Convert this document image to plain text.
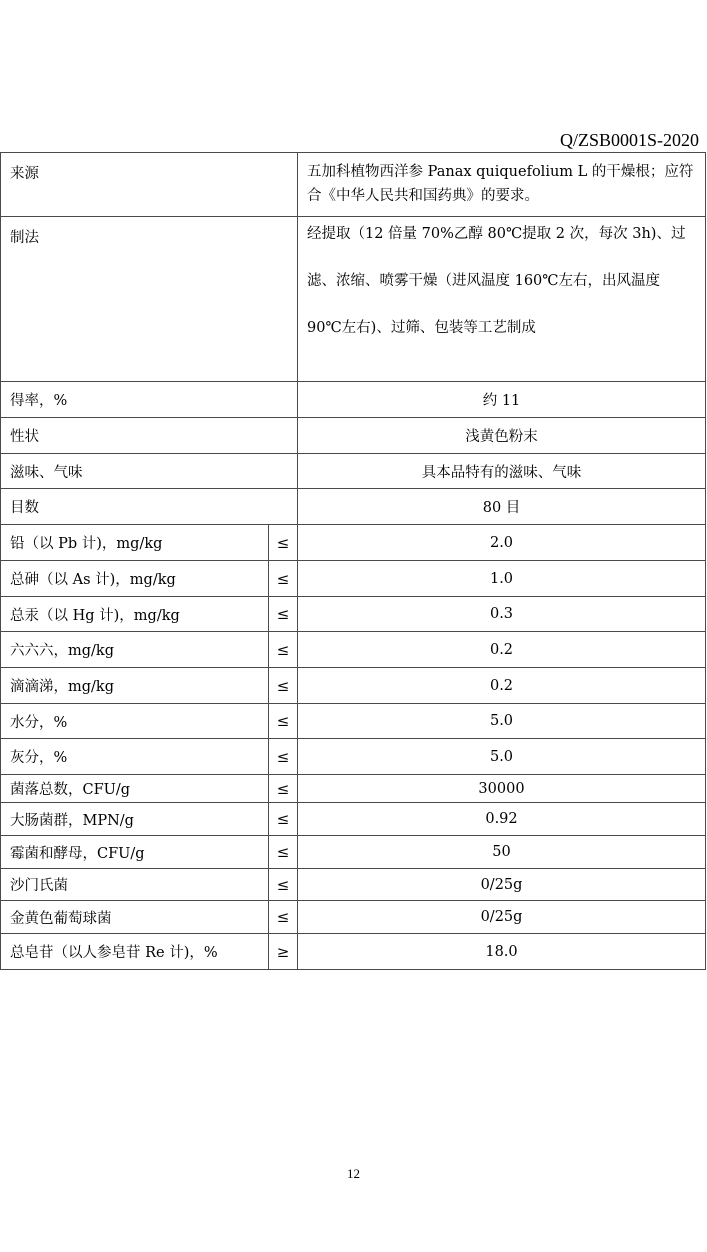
Q/ZSB0001S-2020
来源		五加科植物西洋参 Panax quiquefolium L 的干燥根；应符合《中华人民共和国药典》的要求。

制法		经提取（12 倍量 70%乙醇 80℃提取 2 次，每次 3h)、过滤、浓缩、喷雾干燥（进风温度 160℃左右，出风温度 90℃左右)、过筛、包装等工艺制成

得率，%		约 11
性状		浅黄色粉末
滋味、气味		具本品特有的滋味、气味
目数		80 目
铅（以 Pb 计)，mg/kg	≤	2.0
总砷（以 As 计)，mg/kg	≤	1.0
总汞（以 Hg 计)，mg/kg	≤	0.3
六六六，mg/kg	≤	0.2
滴滴涕，mg/kg	≤	0.2
水分，%	≤	5.0
灰分，%	≤	5.0
菌落总数，CFU/g	≤	30000
大肠菌群，MPN/g	≤	0.92
霉菌和酵母，CFU/g	≤	50
沙门氏菌	≤	0/25g
金黄色葡萄球菌	≤	0/25g
总皂苷（以人参皂苷 Re 计)，%	≥	18.0
12
